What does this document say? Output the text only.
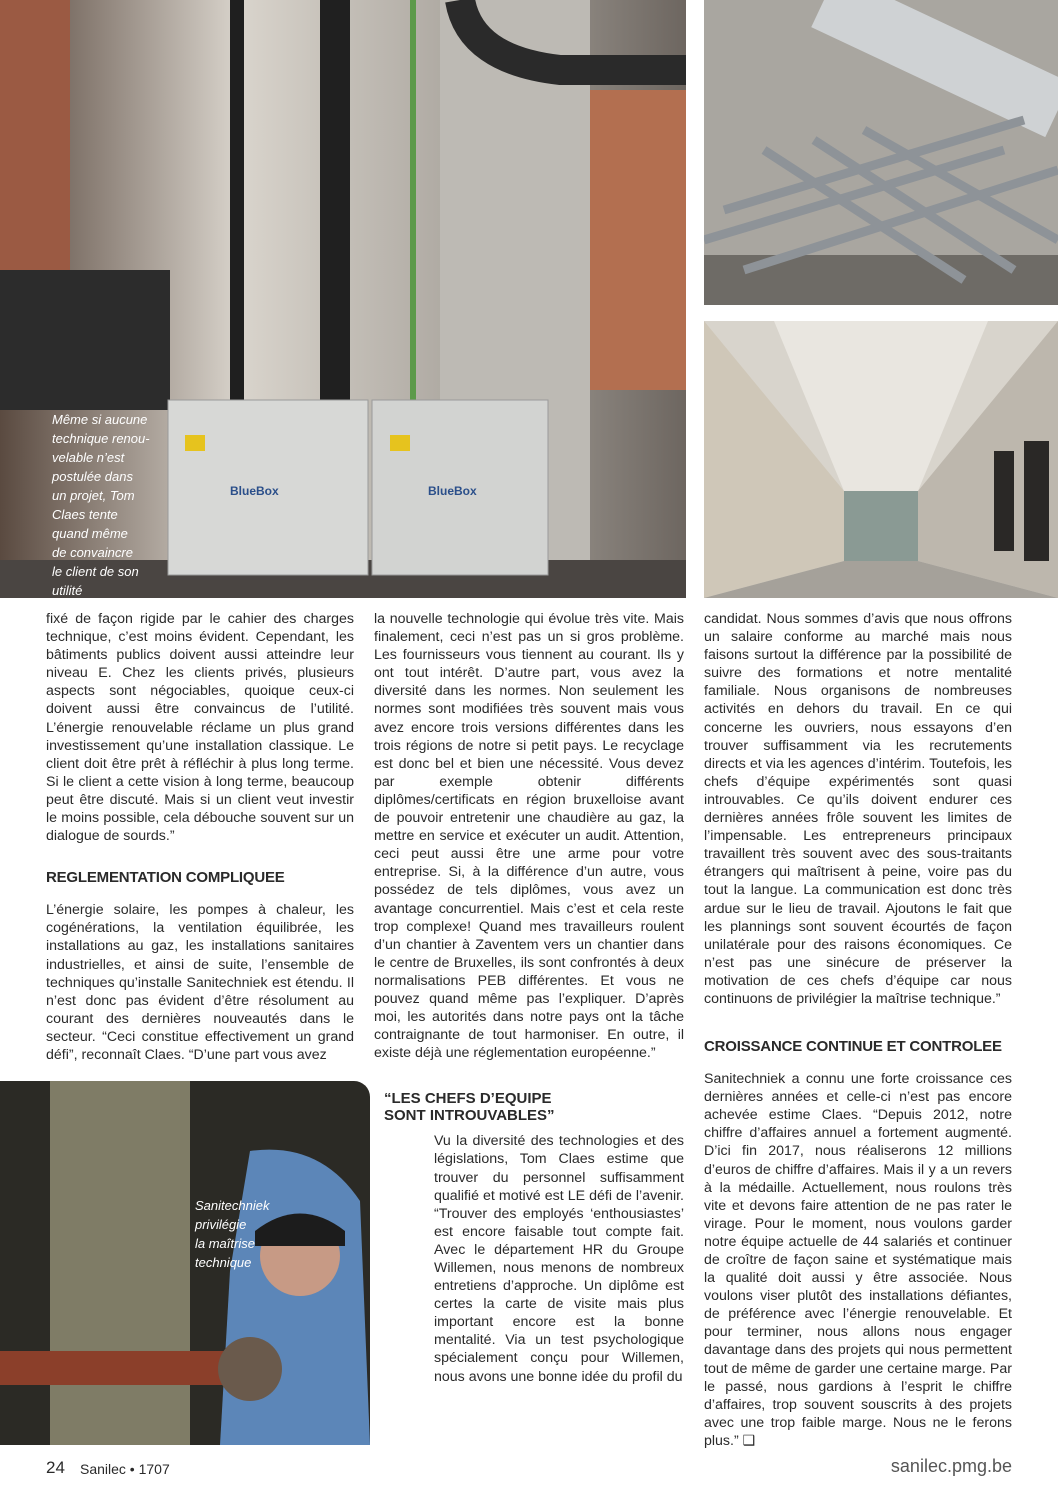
BlueBox	BlueBox
Même si aucune
technique renou-
velable n’est
postulée dans
un projet, Tom
Claes tente
quand même
de convaincre
le client de son
utilité
Sanitechniek
privilégie
la maîtrise
technique

fixé de façon rigide par le cahier des charges technique, c’est moins évident. Cependant, les bâtiments publics doivent aussi atteindre leur niveau E. Chez les clients privés, plusieurs aspects sont négociables, quoique ceux-ci doivent aussi être convaincus de l’utilité. L’énergie renouvelable réclame un plus grand investissement qu’une installation classique. Le client doit être prêt à réfléchir à plus long terme. Si le client a cette vision à long terme, beaucoup peut être discuté. Mais si un client veut investir le moins possible, cela débouche souvent sur un dialogue de sourds.”

REGLEMENTATION COMPLIQUEE

L’énergie solaire, les pompes à chaleur, les cogénérations, la ventilation équilibrée, les installations au gaz, les installations sanitaires industrielles, et ainsi de suite, l’ensemble de techniques qu’installe Sanitechniek est étendu. Il n’est donc pas évident d’être résolument au courant des dernières nouveautés dans le secteur. “Ceci constitue effectivement un grand défi”, reconnaît Claes. “D’une part vous avez

la nouvelle technologie qui évolue très vite. Mais finalement, ceci n’est pas un si gros problème. Les fournisseurs vous tiennent au courant. Ils y ont tout intérêt. D’autre part, vous avez la diversité dans les normes. Non seulement les normes sont modifiées très souvent mais vous avez encore trois versions différentes dans les trois régions de notre si petit pays. Le recyclage est donc bel et bien une nécessité. Vous devez par exemple obtenir différents diplômes/certificats en région bruxelloise avant de pouvoir entretenir une chaudière au gaz, la mettre en service et exécuter un audit. Attention, ceci peut aussi être une arme pour votre entreprise. Si, à la différence d’un autre, vous possédez de tels diplômes, vous avez un avantage concurrentiel. Mais c’est et cela reste trop complexe! Quand mes travailleurs roulent d’un chantier à Zaventem vers un chantier dans le centre de Bruxelles, ils sont confrontés à deux normalisations PEB différentes. Et vous ne pouvez quand même pas l’expliquer. D’après moi, les autorités dans notre pays ont la tâche contraignante de tout harmoniser. En outre, il existe déjà une réglementation européenne.”

“LES CHEFS D’EQUIPE
SONT INTROUVABLES”

Vu la diversité des technologies et des législations, Tom Claes estime que trouver du personnel suffisamment qualifié et motivé est LE défi de l’avenir. “Trouver des employés ‘enthousiastes’ est encore faisable tout compte fait. Avec le département HR du Groupe Willemen, nous menons de nombreux entretiens d’approche. Un diplôme est certes la carte de visite mais plus important encore est la bonne mentalité. Via un test psychologique spécialement conçu pour Willemen, nous avons une bonne idée du profil du

candidat. Nous sommes d’avis que nous offrons un salaire conforme au marché mais nous faisons surtout la différence par la possibilité de suivre des formations et notre mentalité familiale. Nous organisons de nombreuses activités en dehors du travail. En ce qui concerne les ouvriers, nous essayons d’en trouver suffisamment via les recrutements directs et via les agences d’intérim. Toutefois, les chefs d’équipe expérimentés sont quasi introuvables. Ce qu’ils doivent endurer ces dernières années frôle souvent les limites de l’impensable. Les entrepreneurs principaux travaillent très souvent avec des sous-traitants étrangers qui maîtrisent à peine, voire pas du tout la langue. La communication est donc très ardue sur le lieu de travail. Ajoutons le fait que les plannings sont souvent écourtés de façon unilatérale pour des raisons économiques. Ce n’est pas une sinécure de préserver la motivation de ces chefs d’équipe car nous continuons de privilégier la maîtrise technique.”

CROISSANCE CONTINUE ET CONTROLEE

Sanitechniek a connu une forte croissance ces dernières années et celle-ci n’est pas encore achevée estime Claes. “Depuis 2012, notre chiffre d’affaires annuel a fortement augmenté. D’ici fin 2017, nous réaliserons 12 millions d’euros de chiffre d’affaires. Mais il y a un revers à la médaille. Actuellement, nous roulons très vite et devons faire attention de ne pas rater le virage. Pour le moment, nous voulons garder notre équipe actuelle de 44 salariés et continuer de croître de façon saine et systématique mais la qualité doit aussi y être associée. Nous voulons viser plutôt des installations défiantes, de préférence avec l’énergie renouvelable. Et pour terminer, nous allons nous engager davantage dans des projets qui nous permettent tout de même de garder une certaine marge. Par le passé, nous gardions à l’esprit le chiffre d’affaires, trop souvent souscrits à des projets avec une trop faible marge. Nous ne le ferons plus.” ❑

24 Sanilec • 1707	sanilec.pmg.be
